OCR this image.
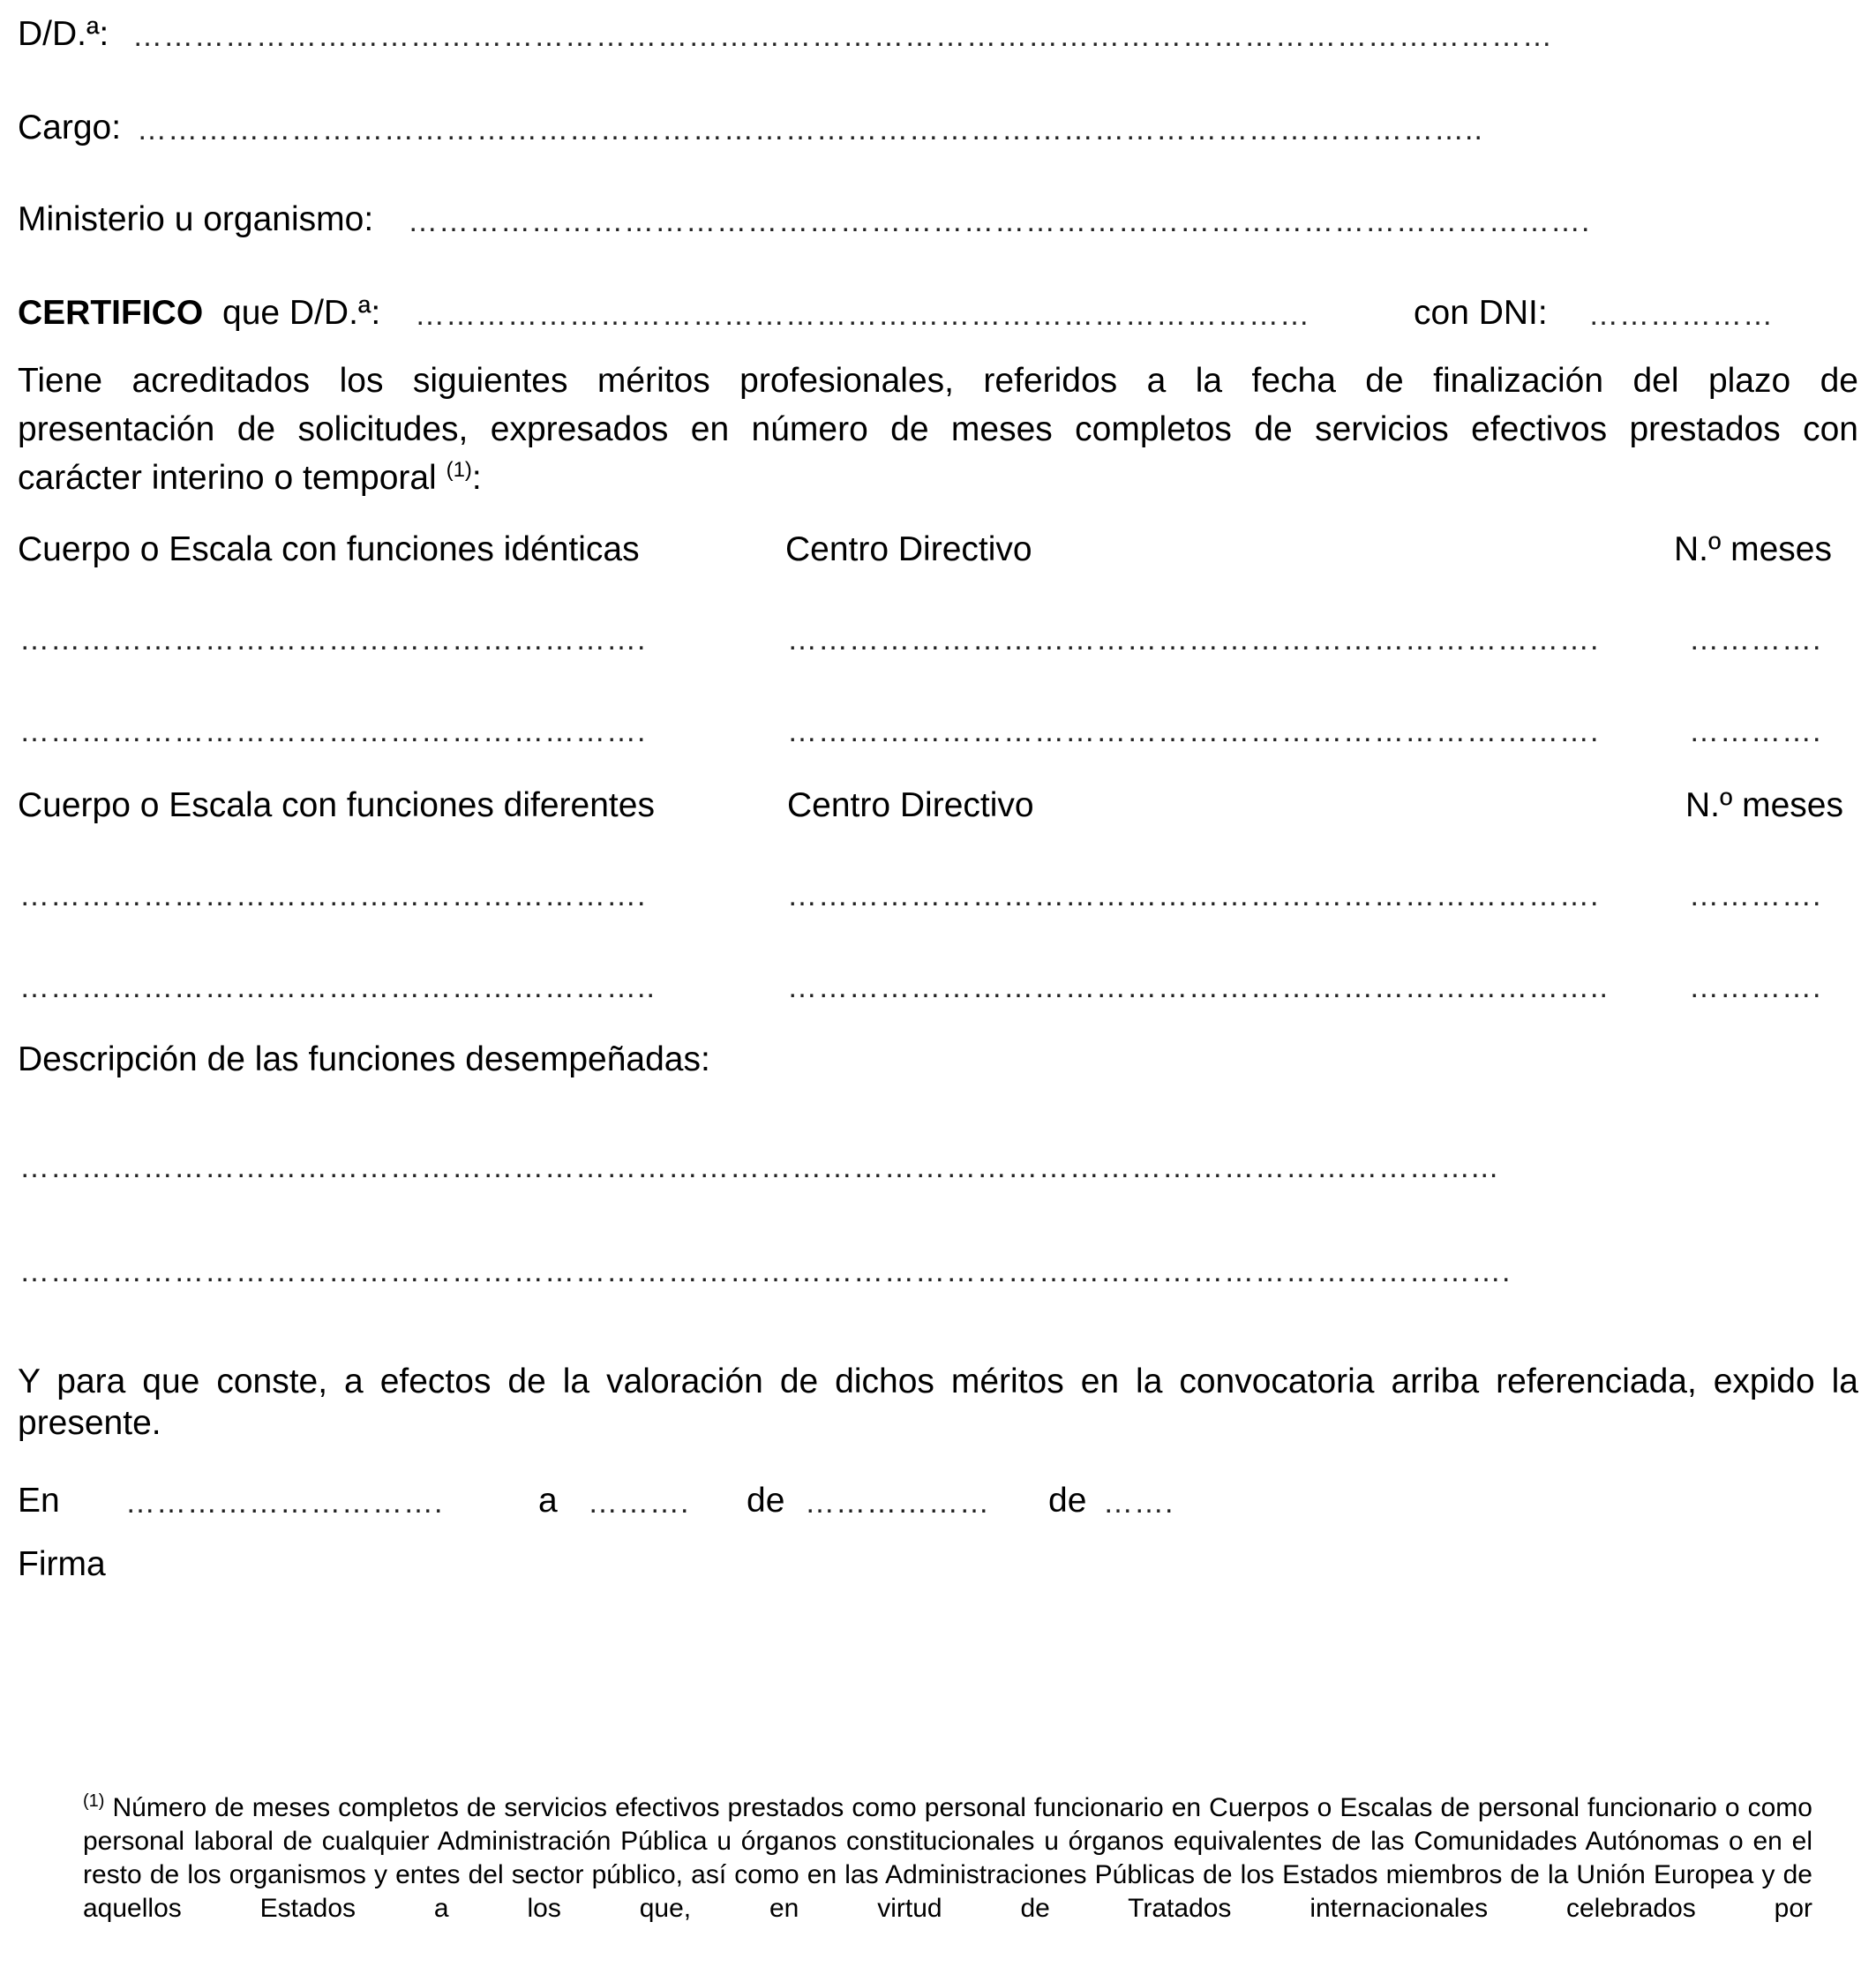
D/D.ª: …………………………………………………………………………………………………………………………
Cargo: …………………………………………………………………………………………………………………..
Ministerio u organismo: …………………………………………………………………………………………………….
CERTIFICO que D/D.ª: ……………………………………………………………………………	con DNI: ………………
Tiene acreditados los siguientes méritos profesionales, referidos a la fecha de finalización del plazo de
presentación de solicitudes, expresados en número de meses completos de servicios efectivos prestados con
carácter interino o temporal $^{(1)}$:
Cuerpo o Escala con funciones idénticas	Centro Directivo	N.º meses
…………………………………………………….	…………………………………………………………………….	………….
…………………………………………………….	…………………………………………………………………….	………….
Cuerpo o Escala con funciones diferentes	Centro Directivo	N.º meses
…………………………………………………….	…………………………………………………………………….	………….
……………………………………………………..	……………………………………………………………………..	………….
Descripción de las funciones desempeñadas:
……………………………………………………………………………………………………………………………...
……………………………………………………………………………………………………………………………….
Y para que conste, a efectos de la valoración de dichos méritos en la convocatoria arriba referenciada, expido la
presente.
En ………………………….	a ………. de ……………… de …….
Firma
$^{(1)}$ Número de meses completos de servicios efectivos prestados como personal funcionario en Cuerpos o Escalas de personal funcionario o como personal laboral de cualquier Administración Pública u órganos constitucionales u órganos equivalentes de las Comunidades Autónomas o en el resto de los organismos y entes del sector público, así como en las Administraciones Públicas de los Estados miembros de la Unión Europea y de aquellos Estados a los que, en virtud de Tratados internacionales celebrados por
